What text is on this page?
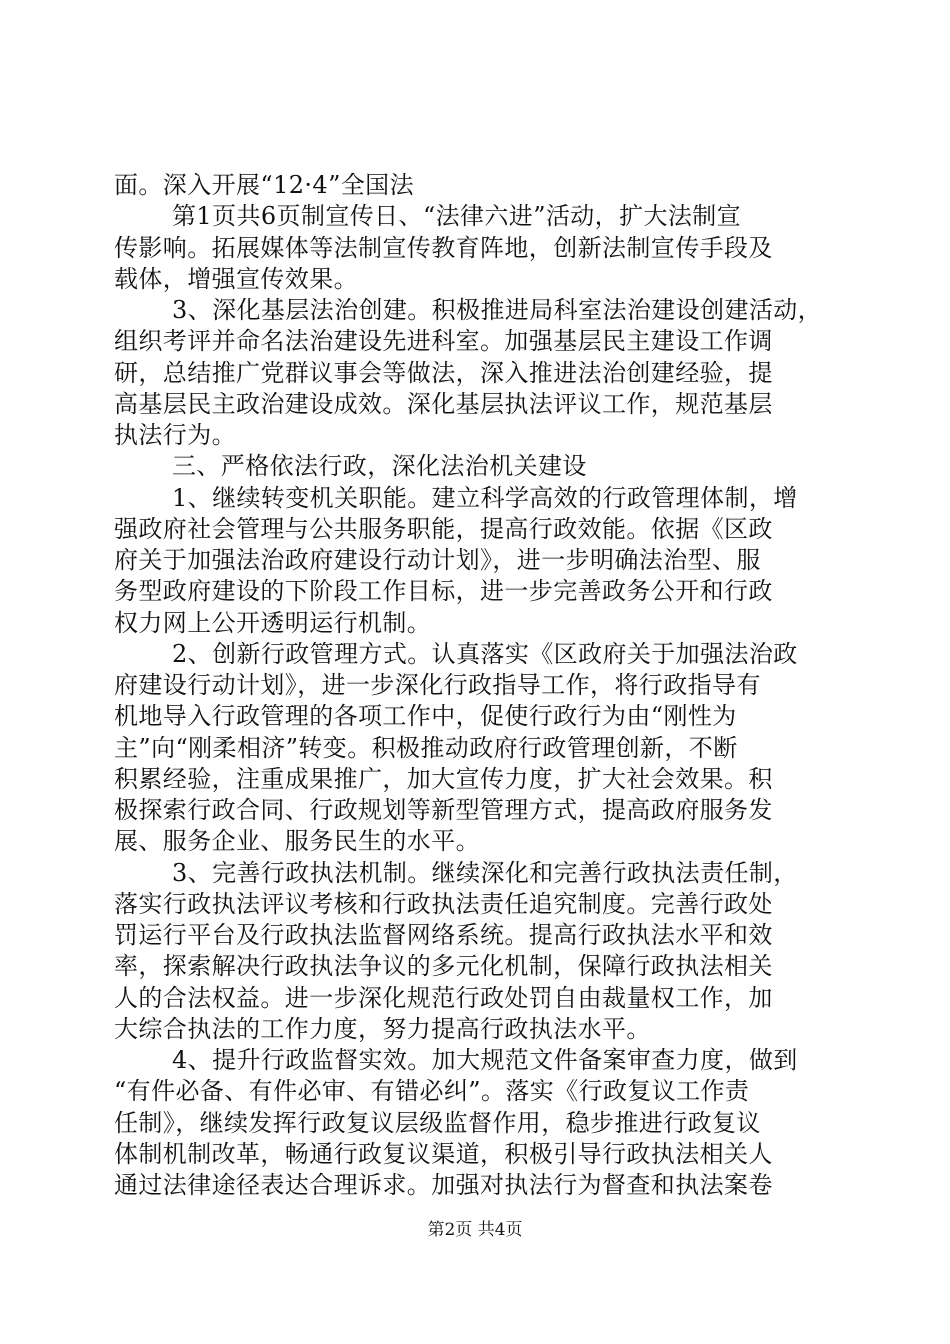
面。深入开展“12·4”全国法
第1页共6页制宣传日、“法律六进”活动，扩大法制宣
传影响。拓展媒体等法制宣传教育阵地，创新法制宣传手段及
载体，增强宣传效果。
3、深化基层法治创建。积极推进局科室法治建设创建活动，
组织考评并命名法治建设先进科室。加强基层民主建设工作调
研，总结推广党群议事会等做法，深入推进法治创建经验，提
高基层民主政治建设成效。深化基层执法评议工作，规范基层
执法行为。
三、严格依法行政，深化法治机关建设
1、继续转变机关职能。建立科学高效的行政管理体制，增
强政府社会管理与公共服务职能，提高行政效能。依据《区政
府关于加强法治政府建设行动计划》，进一步明确法治型、服
务型政府建设的下阶段工作目标，进一步完善政务公开和行政
权力网上公开透明运行机制。
2、创新行政管理方式。认真落实《区政府关于加强法治政
府建设行动计划》，进一步深化行政指导工作，将行政指导有
机地导入行政管理的各项工作中，促使行政行为由“刚性为
主”向“刚柔相济”转变。积极推动政府行政管理创新，不断
积累经验，注重成果推广，加大宣传力度，扩大社会效果。积
极探索行政合同、行政规划等新型管理方式，提高政府服务发
展、服务企业、服务民生的水平。
3、完善行政执法机制。继续深化和完善行政执法责任制，
落实行政执法评议考核和行政执法责任追究制度。完善行政处
罚运行平台及行政执法监督网络系统。提高行政执法水平和效
率，探索解决行政执法争议的多元化机制，保障行政执法相关
人的合法权益。进一步深化规范行政处罚自由裁量权工作，加
大综合执法的工作力度，努力提高行政执法水平。
4、提升行政监督实效。加大规范文件备案审查力度，做到
“有件必备、有件必审、有错必纠”。落实《行政复议工作责
任制》，继续发挥行政复议层级监督作用，稳步推进行政复议
体制机制改革，畅通行政复议渠道，积极引导行政执法相关人
通过法律途径表达合理诉求。加强对执法行为督查和执法案卷
第2页 共4页
